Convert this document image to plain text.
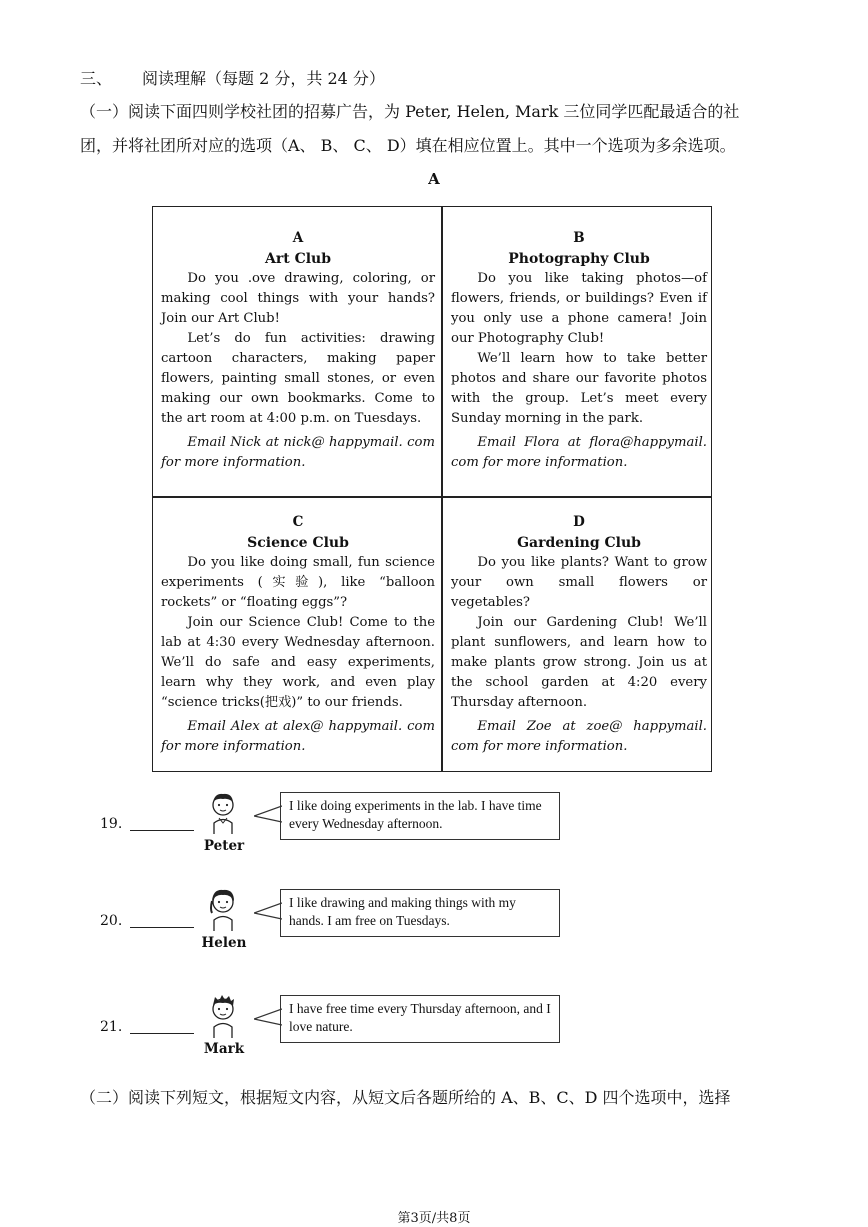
三、 阅读理解（每题 2 分，共 24 分）
（一）阅读下面四则学校社团的招募广告，为 Peter, Helen, Mark 三位同学匹配最适合的社
团，并将社团所对应的选项（A、 B、 C、 D）填在相应位置上。其中一个选项为多余选项。
A
A
Art Club

Do you .ove drawing, coloring, or making cool things with your hands? Join our Art Club!

Let’s do fun activities: drawing cartoon characters, making paper flowers, painting small stones, or even making our own bookmarks. Come to the art room at 4:00 p.m. on Tuesdays.

Email Nick at nick@ happymail. com for more information.

B
Photography Club

Do you like taking photos—of flowers, friends, or buildings? Even if you only use a phone camera! Join our Photography Club!

We’ll learn how to take better photos and share our favorite photos with the group. Let’s meet every Sunday morning in the park.

Email Flora at flora@happymail. com for more information.

C
Science Club

Do you like doing small, fun science experiments (实验), like “balloon rockets” or “floating eggs”?

Join our Science Club! Come to the lab at 4:30 every Wednesday afternoon. We’ll do safe and easy experiments, learn why they work, and even play “science tricks(把戏)” to our friends.

Email Alex at alex@ happymail. com for more information.

D
Gardening Club

Do you like plants? Want to grow your own small flowers or vegetables?

Join our Gardening Club! We’ll plant sunflowers, and learn how to make plants grow strong. Join us at the school garden at 4:20 every Thursday afternoon.

Email Zoe at zoe@ happymail. com for more information.

19.
Peter
I like doing experiments in the lab. I have time every Wednesday afternoon.
20.
Helen
I like drawing and making things with my hands. I am free on Tuesdays.
21.
Mark
I have free time every Thursday afternoon, and I love nature.
（二）阅读下列短文，根据短文内容，从短文后各题所给的 A、B、C、D 四个选项中，选择
第3页/共8页
